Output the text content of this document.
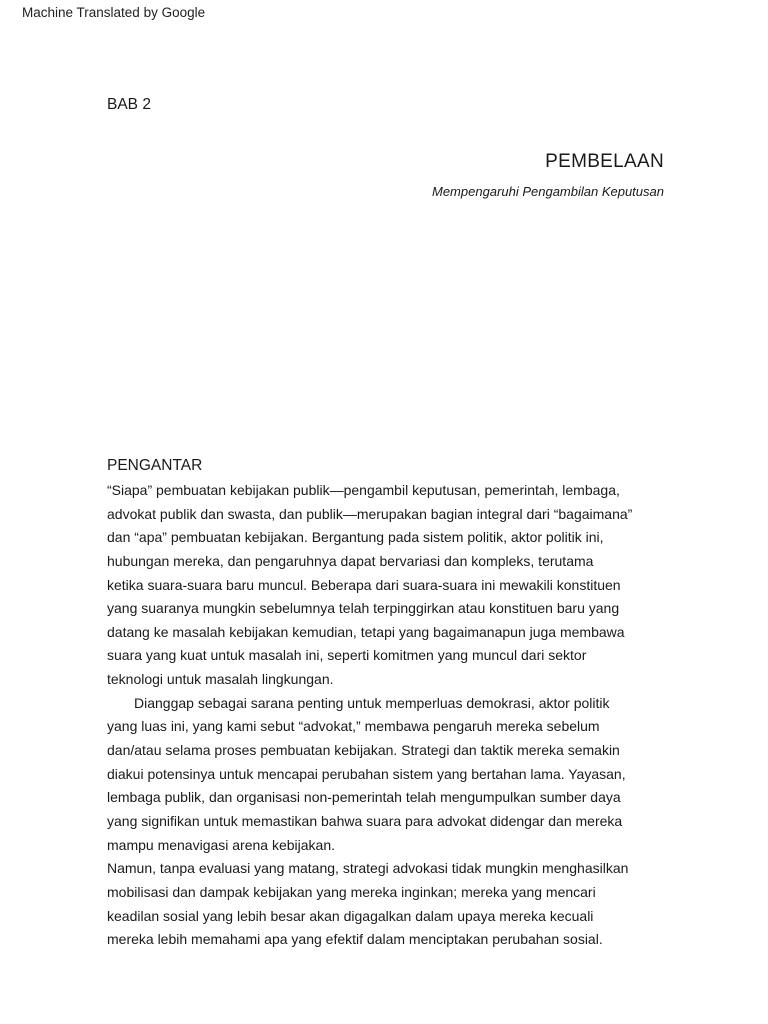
Machine Translated by Google
BAB 2
PEMBELAAN
Mempengaruhi Pengambilan Keputusan
PENGANTAR
“Siapa” pembuatan kebijakan publik—pengambil keputusan, pemerintah, lembaga,
advokat publik dan swasta, dan publik—merupakan bagian integral dari “bagaimana”
dan “apa” pembuatan kebijakan. Bergantung pada sistem politik, aktor politik ini,
hubungan mereka, dan pengaruhnya dapat bervariasi dan kompleks, terutama
ketika suara-suara baru muncul. Beberapa dari suara-suara ini mewakili konstituen
yang suaranya mungkin sebelumnya telah terpinggirkan atau konstituen baru yang
datang ke masalah kebijakan kemudian, tetapi yang bagaimanapun juga membawa
suara yang kuat untuk masalah ini, seperti komitmen yang muncul dari sektor
teknologi untuk masalah lingkungan.
Dianggap sebagai sarana penting untuk memperluas demokrasi, aktor politik
yang luas ini, yang kami sebut “advokat,” membawa pengaruh mereka sebelum
dan/atau selama proses pembuatan kebijakan. Strategi dan taktik mereka semakin
diakui potensinya untuk mencapai perubahan sistem yang bertahan lama. Yayasan,
lembaga publik, dan organisasi non-pemerintah telah mengumpulkan sumber daya
yang signifikan untuk memastikan bahwa suara para advokat didengar dan mereka
mampu menavigasi arena kebijakan.
Namun, tanpa evaluasi yang matang, strategi advokasi tidak mungkin menghasilkan
mobilisasi dan dampak kebijakan yang mereka inginkan; mereka yang mencari
keadilan sosial yang lebih besar akan digagalkan dalam upaya mereka kecuali
mereka lebih memahami apa yang efektif dalam menciptakan perubahan sosial.
